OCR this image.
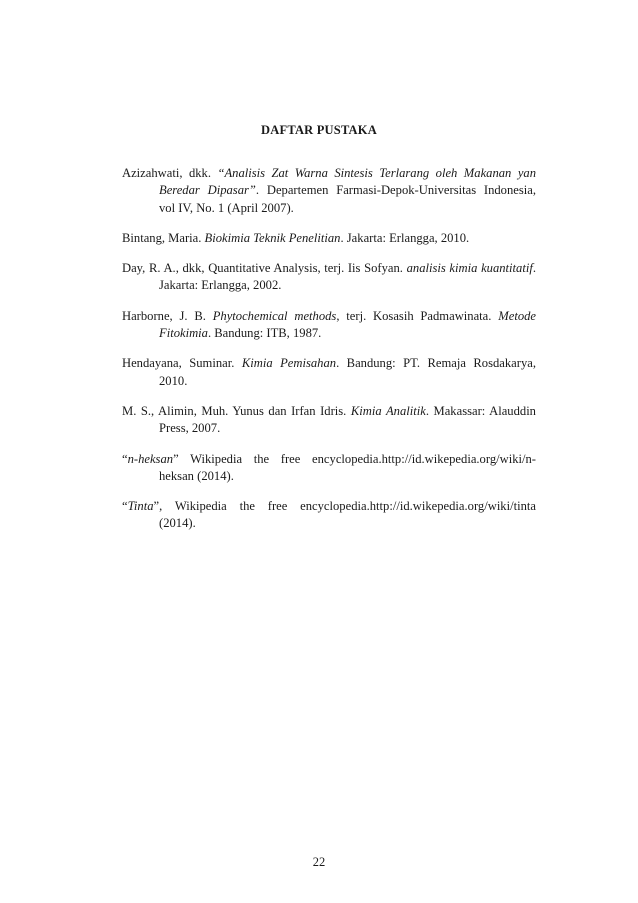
DAFTAR PUSTAKA

Azizahwati, dkk. “Analisis Zat Warna Sintesis Terlarang oleh Makanan yan Beredar Dipasar”. Departemen Farmasi-Depok-Universitas Indonesia, vol IV, No. 1 (April 2007).

Bintang, Maria. Biokimia Teknik Penelitian. Jakarta: Erlangga, 2010.

Day, R. A., dkk, Quantitative Analysis, terj. Iis Sofyan. analisis kimia kuantitatif. Jakarta: Erlangga, 2002.

Harborne, J. B. Phytochemical methods, terj. Kosasih Padmawinata. Metode Fitokimia. Bandung: ITB, 1987.

Hendayana, Suminar. Kimia Pemisahan. Bandung: PT. Remaja Rosdakarya, 2010.

M. S., Alimin, Muh. Yunus dan Irfan Idris. Kimia Analitik. Makassar: Alauddin Press, 2007.

“n-heksan” Wikipedia the free encyclopedia.http://id.wikepedia.org/wiki/n-heksan (2014).

“Tinta”, Wikipedia the free encyclopedia.http://id.wikepedia.org/wiki/tinta (2014).

22
